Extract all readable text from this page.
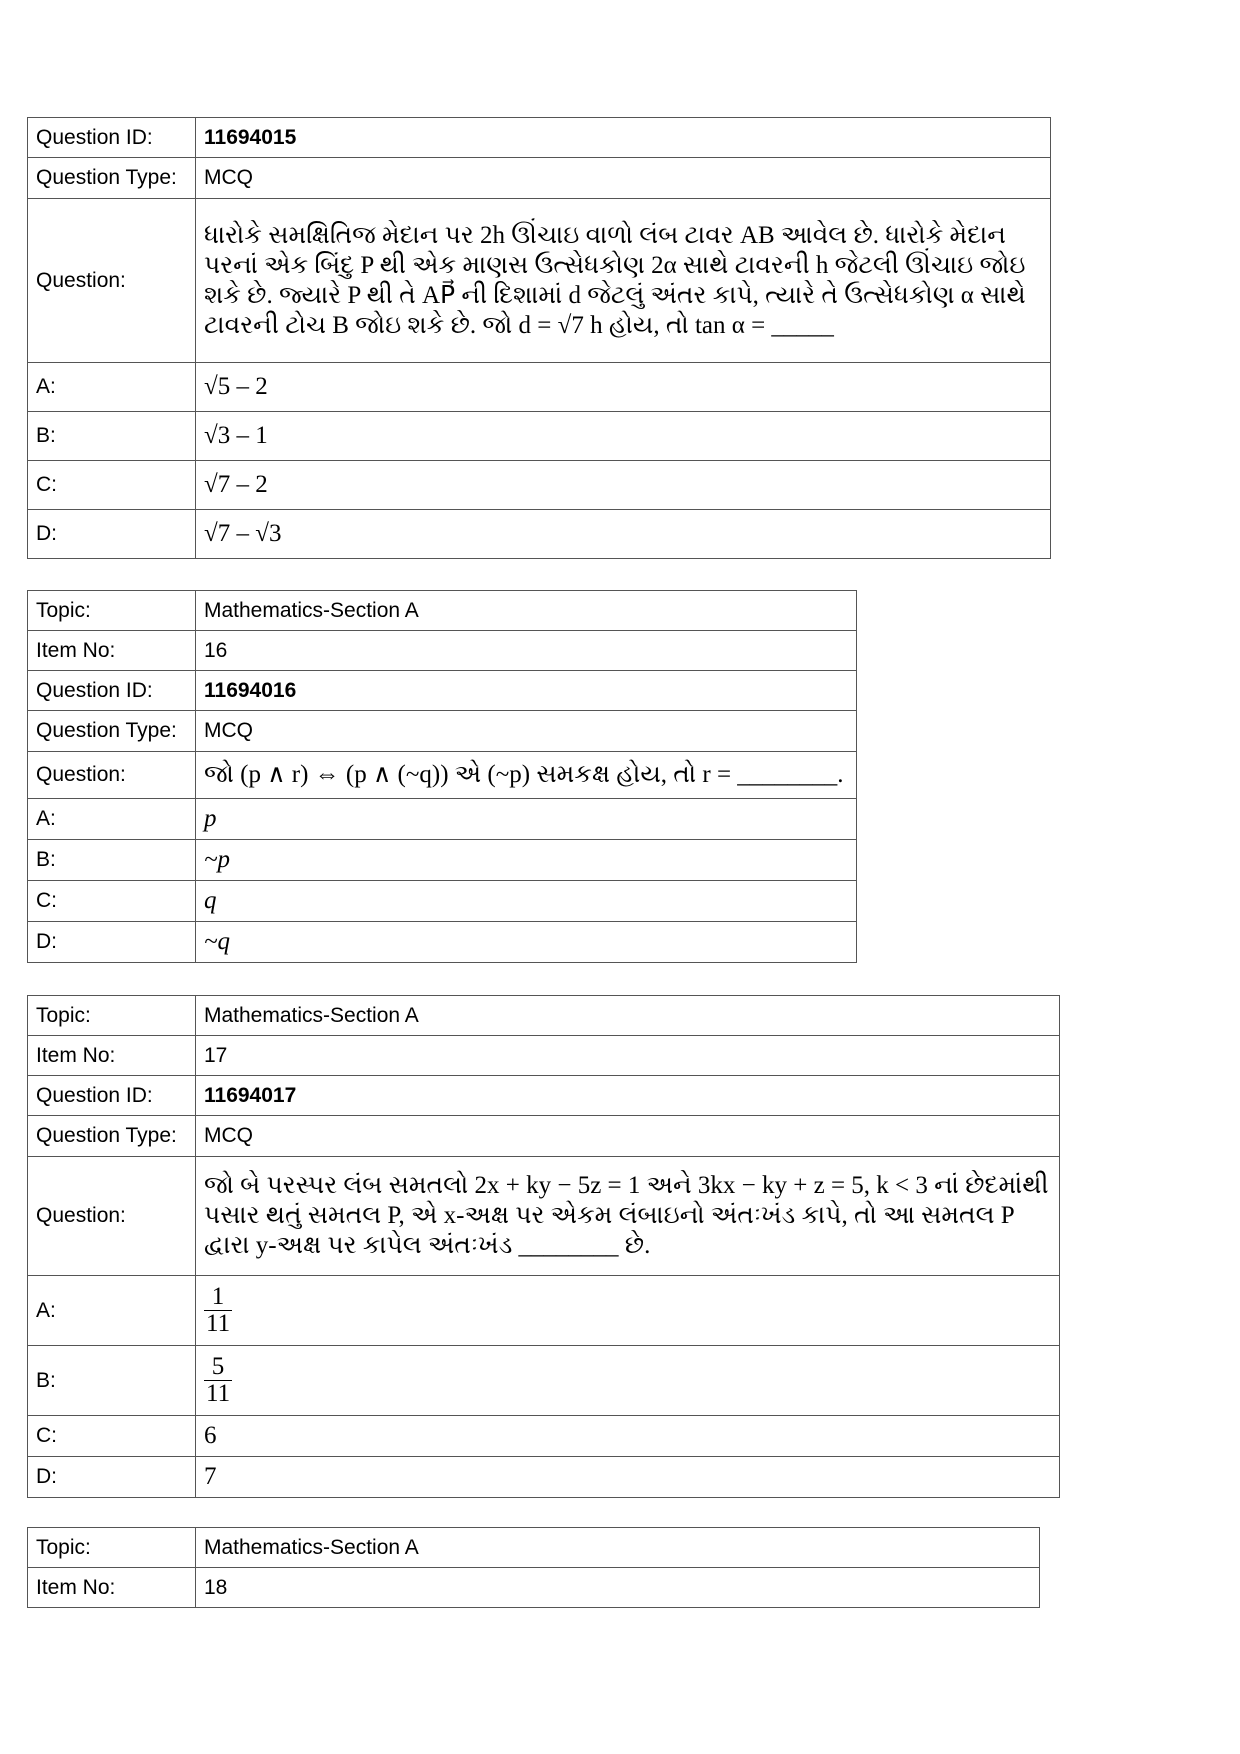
Question ID:	11694015
Question Type:	MCQ
Question:	ધારોકે સમક્ષિતિજ મેદાન પર 2h ઊંચાઇ વાળો લંબ ટાવર AB આવેલ છે. ધારોકે મેદાન પરનાં એક બિંદુ P થી એક માણસ ઉત્સેધકોણ 2α સાથે ટાવરની h જેટલી ઊંચાઇ જોઇ શકે છે. જ્યારે P થી તે AP⃗ ની દિશામાં d જેટલું અંતર કાપે, ત્યારે તે ઉત્સેધકોણ α સાથે ટાવરની ટોચ B જોઇ શકે છે. જો d = √7 h હોય, તો tan α = _____
A:	√5 – 2
B:	√3 – 1
C:	√7 – 2
D:	√7 – √3
Topic:	Mathematics-Section A
Item No:	16
Question ID:	11694016
Question Type:	MCQ
Question:	જો (p ∧ r) ⇔ (p ∧ (~q)) એ (~p) સમકક્ષ હોય, તો r = ________.
A:	p
B:	~p
C:	q
D:	~q
Topic:	Mathematics-Section A
Item No:	17
Question ID:	11694017
Question Type:	MCQ
Question:	જો બે પરસ્પર લંબ સમતલો 2x + ky − 5z = 1 અને 3kx − ky + z = 5, k < 3 નાં છેદમાંથી પસાર થતું સમતલ P, એ x-અક્ષ પર એકમ લંબાઇનો અંતઃખંડ કાપે, તો આ સમતલ P દ્વારા y-અક્ષ પર કાપેલ અંતઃખંડ ________ છે.
A:	$\frac{1}{11}$

B:	$\frac{5}{11}$

C:	6
D:	7
Topic:	Mathematics-Section A
Item No:	18
